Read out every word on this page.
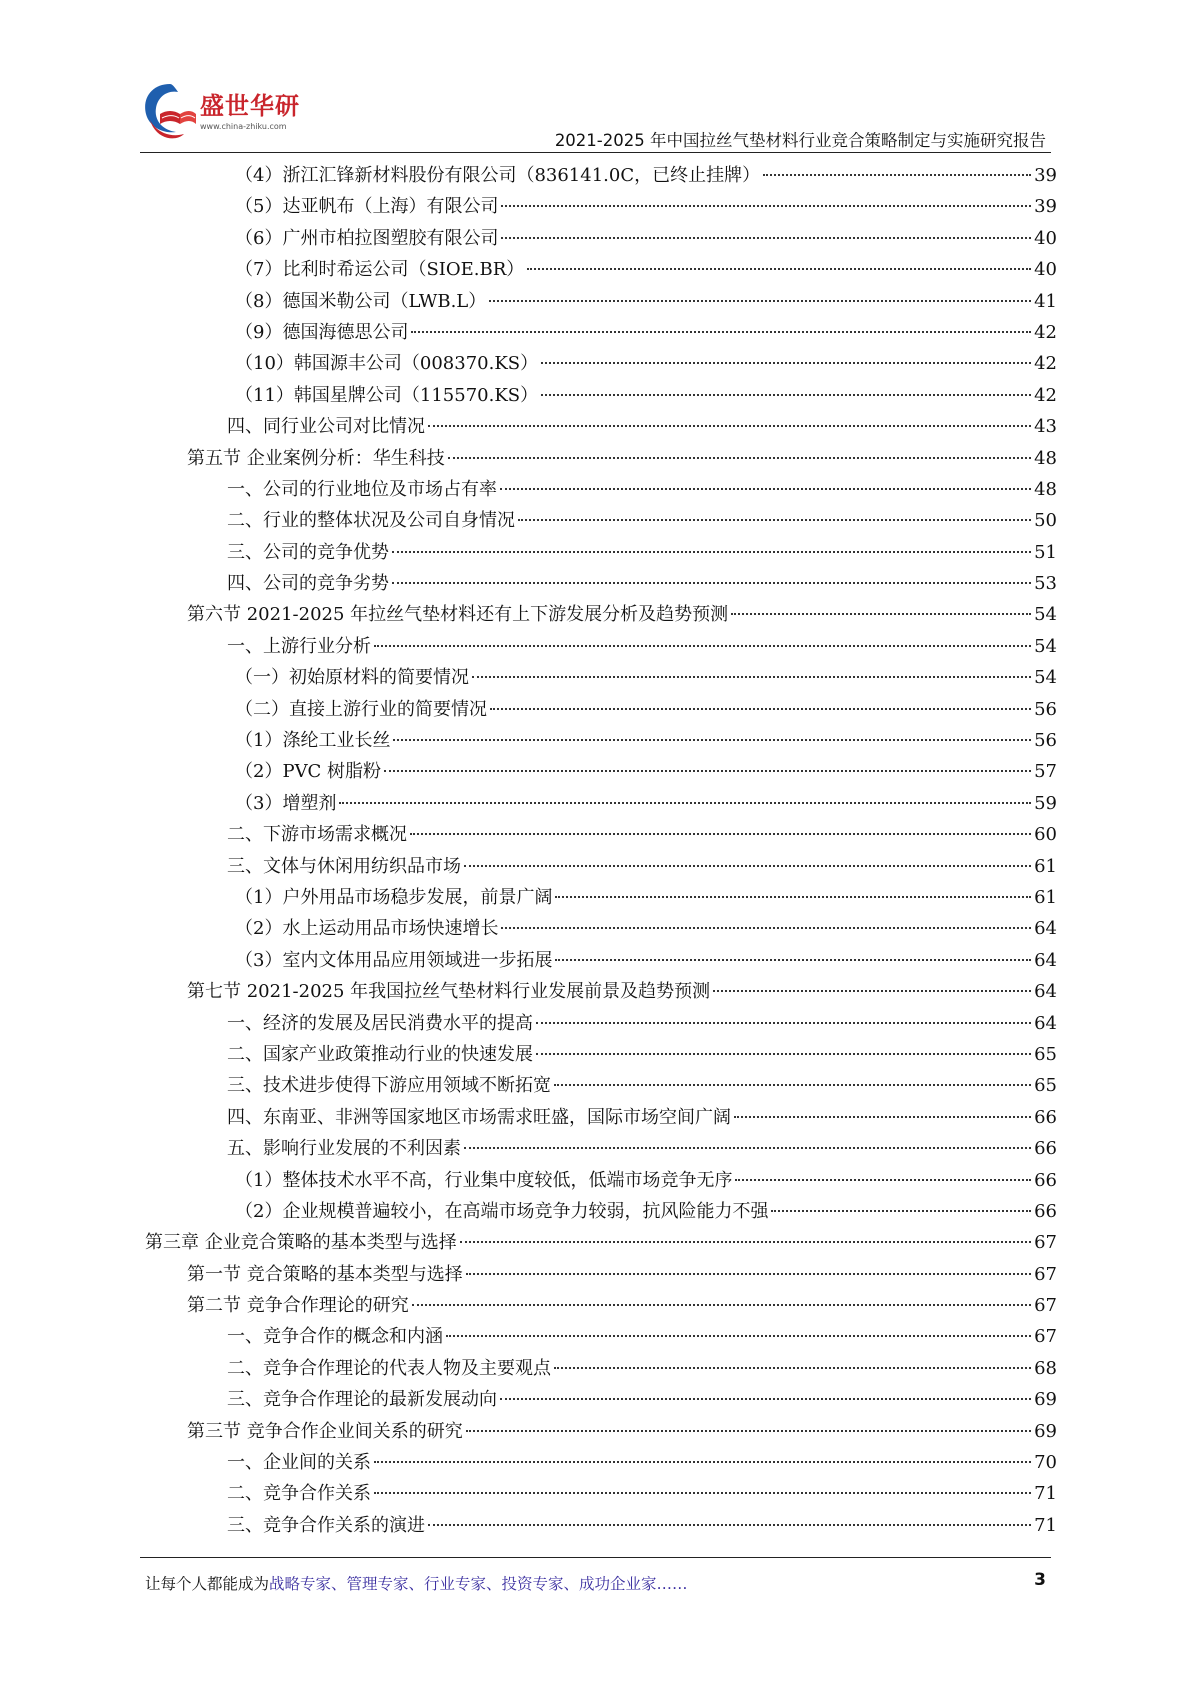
盛世华研
www.china-zhiku.com
2021-2025 年中国拉丝气垫材料行业竞合策略制定与实施研究报告
（4）浙江汇锋新材料股份有限公司（836141.0C，已终止挂牌）	39
（5）达亚帆布（上海）有限公司	39
（6）广州市柏拉图塑胶有限公司	40
（7）比利时希运公司（SIOE.BR）	40
（8）德国米勒公司（LWB.L）	41
（9）德国海德思公司	42
（10）韩国源丰公司（008370.KS）	42
（11）韩国星牌公司（115570.KS）	42
四、同行业公司对比情况	43
第五节 企业案例分析：华生科技	48
一、公司的行业地位及市场占有率	48
二、行业的整体状况及公司自身情况	50
三、公司的竞争优势	51
四、公司的竞争劣势	53
第六节 2021-2025 年拉丝气垫材料还有上下游发展分析及趋势预测	54
一、上游行业分析	54
（一）初始原材料的简要情况	54
（二）直接上游行业的简要情况	56
（1）涤纶工业长丝	56
（2）PVC 树脂粉	57
（3）增塑剂	59
二、下游市场需求概况	60
三、文体与休闲用纺织品市场	61
（1）户外用品市场稳步发展，前景广阔	61
（2）水上运动用品市场快速增长	64
（3）室内文体用品应用领域进一步拓展	64
第七节 2021-2025 年我国拉丝气垫材料行业发展前景及趋势预测	64
一、经济的发展及居民消费水平的提高	64
二、国家产业政策推动行业的快速发展	65
三、技术进步使得下游应用领域不断拓宽	65
四、东南亚、非洲等国家地区市场需求旺盛，国际市场空间广阔	66
五、影响行业发展的不利因素	66
（1）整体技术水平不高，行业集中度较低，低端市场竞争无序	66
（2）企业规模普遍较小，在高端市场竞争力较弱，抗风险能力不强	66
第三章 企业竞合策略的基本类型与选择	67
第一节 竞合策略的基本类型与选择	67
第二节 竞争合作理论的研究	67
一、竞争合作的概念和内涵	67
二、竞争合作理论的代表人物及主要观点	68
三、竞争合作理论的最新发展动向	69
第三节 竞争合作企业间关系的研究	69
一、企业间的关系	70
二、竞争合作关系	71
三、竞争合作关系的演进	71
让每个人都能成为战略专家、管理专家、行业专家、投资专家、成功企业家……	3
